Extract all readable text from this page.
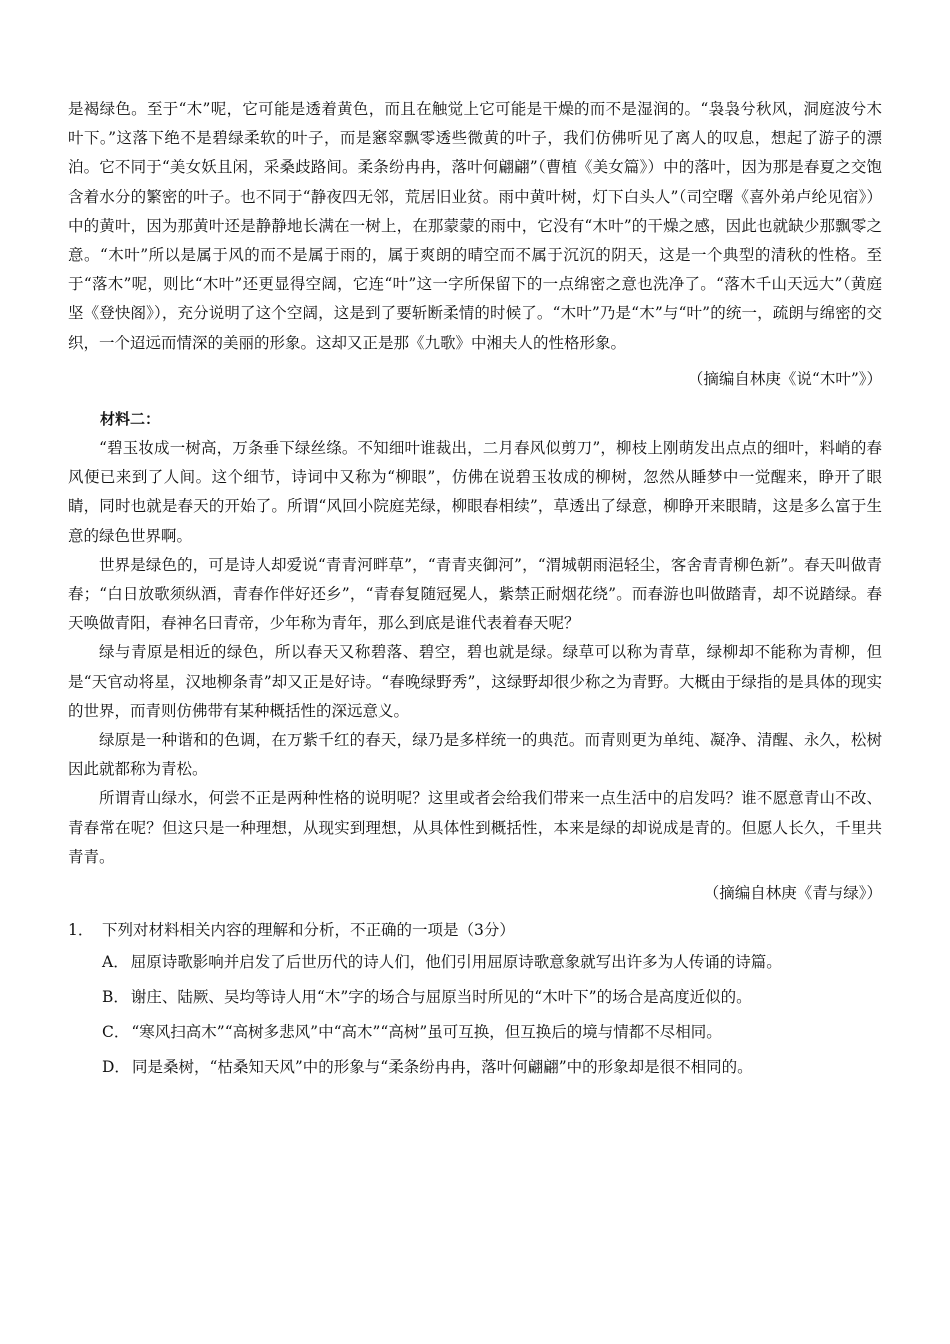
是褐绿色。至于“木”呢，它可能是透着黄色，而且在触觉上它可能是干燥的而不是湿润的。“袅袅兮秋风，洞庭波兮木叶下。”这落下绝不是碧绿柔软的叶子，而是窸窣飘零透些微黄的叶子，我们仿佛听见了离人的叹息，想起了游子的漂泊。它不同于“美女妖且闲，采桑歧路间。柔条纷冉冉，落叶何翩翩”（曹植《美女篇》）中的落叶，因为那是春夏之交饱含着水分的繁密的叶子。也不同于“静夜四无邻，荒居旧业贫。雨中黄叶树，灯下白头人”（司空曙《喜外弟卢纶见宿》）中的黄叶，因为那黄叶还是静静地长满在一树上，在那蒙蒙的雨中，它没有“木叶”的干燥之感，因此也就缺少那飘零之意。“木叶”所以是属于风的而不是属于雨的，属于爽朗的晴空而不属于沉沉的阴天，这是一个典型的清秋的性格。至于“落木”呢，则比“木叶”还更显得空阔，它连“叶”这一字所保留下的一点绵密之意也洗净了。“落木千山天远大”（黄庭坚《登快阁》），充分说明了这个空阔，这是到了要斩断柔情的时候了。“木叶”乃是“木”与“叶”的统一，疏朗与绵密的交织，一个迢远而情深的美丽的形象。这却又正是那《九歌》中湘夫人的性格形象。

（摘编自林庚《说“木叶”》）

材料二：

“碧玉妆成一树高，万条垂下绿丝绦。不知细叶谁裁出，二月春风似剪刀”，柳枝上刚萌发出点点的细叶，料峭的春风便已来到了人间。这个细节，诗词中又称为“柳眼”，仿佛在说碧玉妆成的柳树，忽然从睡梦中一觉醒来，睁开了眼睛，同时也就是春天的开始了。所谓“风回小院庭芜绿，柳眼春相续”，草透出了绿意，柳睁开来眼睛，这是多么富于生意的绿色世界啊。

世界是绿色的，可是诗人却爱说“青青河畔草”，“青青夹御河”，“渭城朝雨浥轻尘，客舍青青柳色新”。春天叫做青春；“白日放歌须纵酒，青春作伴好还乡”，“青春复随冠冕人，紫禁正耐烟花绕”。而春游也叫做踏青，却不说踏绿。春天唤做青阳，春神名曰青帝，少年称为青年，那么到底是谁代表着春天呢？

绿与青原是相近的绿色，所以春天又称碧落、碧空，碧也就是绿。绿草可以称为青草，绿柳却不能称为青柳，但是“天官动将星，汉地柳条青”却又正是好诗。“春晚绿野秀”，这绿野却很少称之为青野。大概由于绿指的是具体的现实的世界，而青则仿佛带有某种概括性的深远意义。

绿原是一种谐和的色调，在万紫千红的春天，绿乃是多样统一的典范。而青则更为单纯、凝净、清醒、永久，松树因此就都称为青松。

所谓青山绿水，何尝不正是两种性格的说明呢？这里或者会给我们带来一点生活中的启发吗？谁不愿意青山不改、青春常在呢？但这只是一种理想，从现实到理想，从具体性到概括性，本来是绿的却说成是青的。但愿人长久，千里共青青。

（摘编自林庚《青与绿》）

1． 下列对材料相关内容的理解和分析，不正确的一项是（3分）

A． 屈原诗歌影响并启发了后世历代的诗人们，他们引用屈原诗歌意象就写出许多为人传诵的诗篇。
B． 谢庄、陆厥、吴均等诗人用“木”字的场合与屈原当时所见的“木叶下”的场合是高度近似的。
C． “寒风扫高木”“高树多悲风”中“高木”“高树”虽可互换，但互换后的境与情都不尽相同。
D． 同是桑树，“枯桑知天风”中的形象与“柔条纷冉冉，落叶何翩翩”中的形象却是很不相同的。
